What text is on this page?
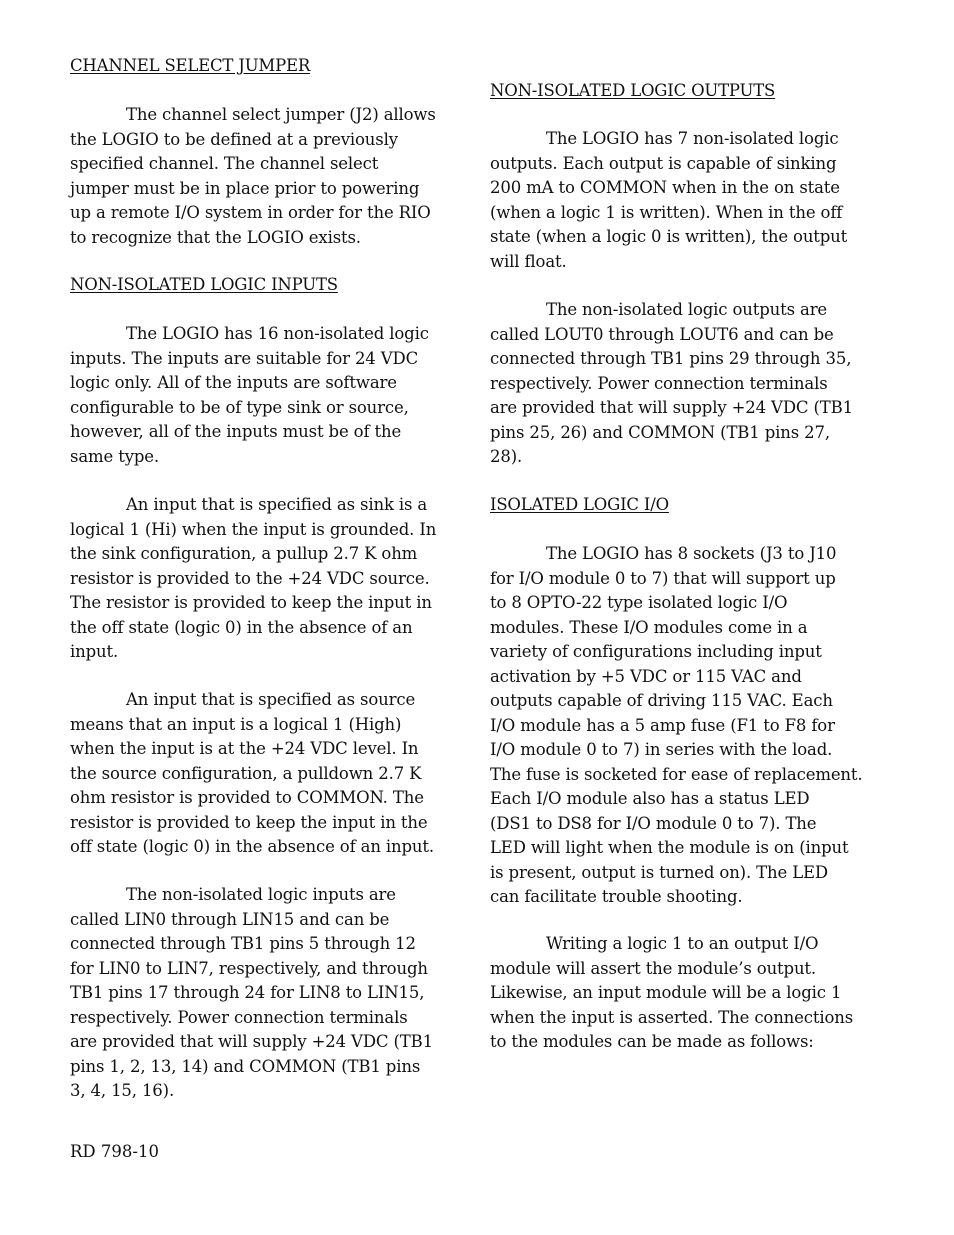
CHANNEL SELECT JUMPER
The channel select jumper (J2) allows
the LOGIO to be defined at a previously
specified channel. The channel select
jumper must be in place prior to powering
up a remote I/O system in order for the RIO
to recognize that the LOGIO exists.
NON-ISOLATED LOGIC INPUTS
The LOGIO has 16 non-isolated logic
inputs. The inputs are suitable for 24 VDC
logic only. All of the inputs are software
configurable to be of type sink or source,
however, all of the inputs must be of the
same type.
An input that is specified as sink is a
logical 1 (Hi) when the input is grounded. In
the sink configuration, a pullup 2.7 K ohm
resistor is provided to the +24 VDC source.
The resistor is provided to keep the input in
the off state (logic 0) in the absence of an
input.
An input that is specified as source
means that an input is a logical 1 (High)
when the input is at the +24 VDC level. In
the source configuration, a pulldown 2.7 K
ohm resistor is provided to COMMON. The
resistor is provided to keep the input in the
off state (logic 0) in the absence of an input.
The non-isolated logic inputs are
called LIN0 through LIN15 and can be
connected through TB1 pins 5 through 12
for LIN0 to LIN7, respectively, and through
TB1 pins 17 through 24 for LIN8 to LIN15,
respectively. Power connection terminals
are provided that will supply +24 VDC (TB1
pins 1, 2, 13, 14) and COMMON (TB1 pins
3, 4, 15, 16).
NON-ISOLATED LOGIC OUTPUTS
The LOGIO has 7 non-isolated logic
outputs. Each output is capable of sinking
200 mA to COMMON when in the on state
(when a logic 1 is written). When in the off
state (when a logic 0 is written), the output
will float.
The non-isolated logic outputs are
called LOUT0 through LOUT6 and can be
connected through TB1 pins 29 through 35,
respectively. Power connection terminals
are provided that will supply +24 VDC (TB1
pins 25, 26) and COMMON (TB1 pins 27,
28).
ISOLATED LOGIC I/O
The LOGIO has 8 sockets (J3 to J10
for I/O module 0 to 7) that will support up
to 8 OPTO-22 type isolated logic I/O
modules. These I/O modules come in a
variety of configurations including input
activation by +5 VDC or 115 VAC and
outputs capable of driving 115 VAC. Each
I/O module has a 5 amp fuse (F1 to F8 for
I/O module 0 to 7) in series with the load.
The fuse is socketed for ease of replacement.
Each I/O module also has a status LED
(DS1 to DS8 for I/O module 0 to 7). The
LED will light when the module is on (input
is present, output is turned on). The LED
can facilitate trouble shooting.
Writing a logic 1 to an output I/O
module will assert the module’s output.
Likewise, an input module will be a logic 1
when the input is asserted. The connections
to the modules can be made as follows:
RD 798-10
